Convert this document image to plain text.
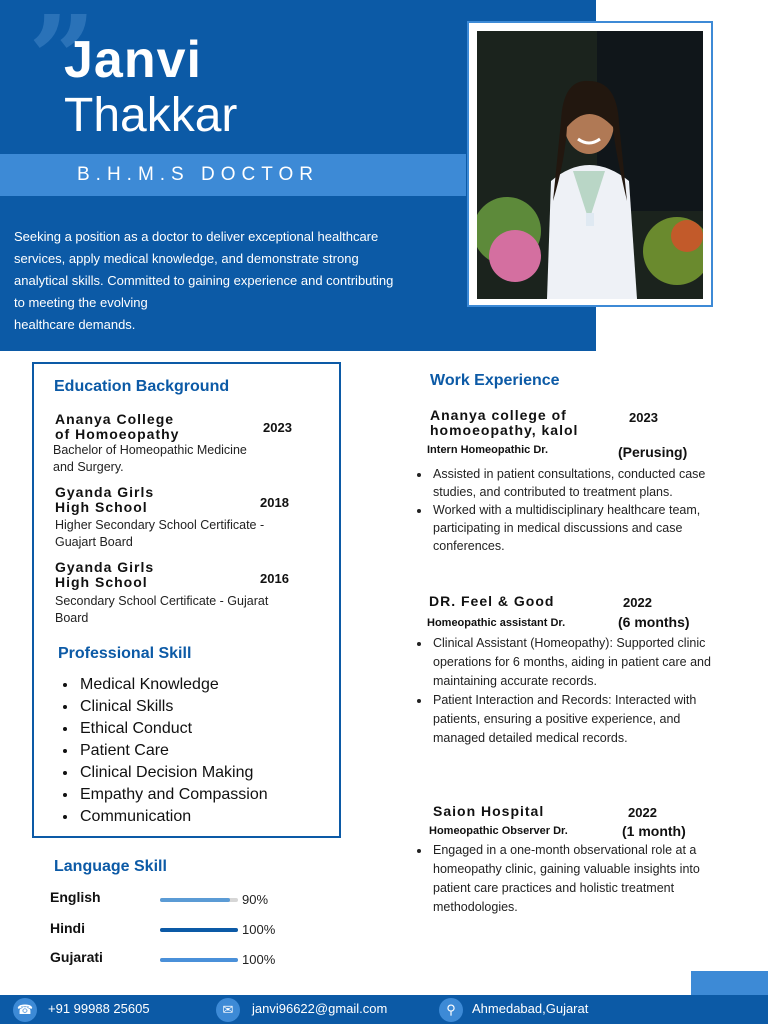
”
Janvi
Thakkar
B.H.M.S DOCTOR
Seeking a position as a doctor to deliver exceptional healthcare
services, apply medical knowledge, and demonstrate strong
analytical skills. Committed to gaining experience and contributing
to meeting the evolving
healthcare demands.
Education Background
Ananya College
of Homoeopathy	2023
Bachelor of Homeopathic Medicine
and Surgery.
Gyanda Girls
High School	2018
Higher Secondary School Certificate -
Guajart Board
Gyanda Girls
High School	2016
Secondary School Certificate - Gujarat
Board
Professional Skill
• Medical Knowledge
• Clinical Skills
• Ethical Conduct
• Patient Care
• Clinical Decision Making
• Empathy and Compassion
• Communication
Language Skill
English	90%
Hindi	100%
Gujarati	100%
Work Experience
Ananya college of
homoeopathy, kalol
2023
Intern Homeopathic Dr.	(Perusing)
• Assisted in patient consultations, conducted case studies, and contributed to treatment plans.
• Worked with a multidisciplinary healthcare team, participating in medical discussions and case conferences.
DR. Feel & Good	2022
Homeopathic assistant Dr.	(6 months)
• Clinical Assistant (Homeopathy): Supported clinic operations for 6 months, aiding in patient care and maintaining accurate records.
• Patient Interaction and Records: Interacted with patients, ensuring a positive experience, and managed detailed medical records.
Saion Hospital	2022
Homeopathic Observer Dr.	(1 month)
• Engaged in a one-month observational role at a homeopathy clinic, gaining valuable insights into patient care practices and holistic treatment methodologies.
☎	+91 99988 25605	✉	janvi96622@gmail.com	⚲	Ahmedabad,Gujarat
